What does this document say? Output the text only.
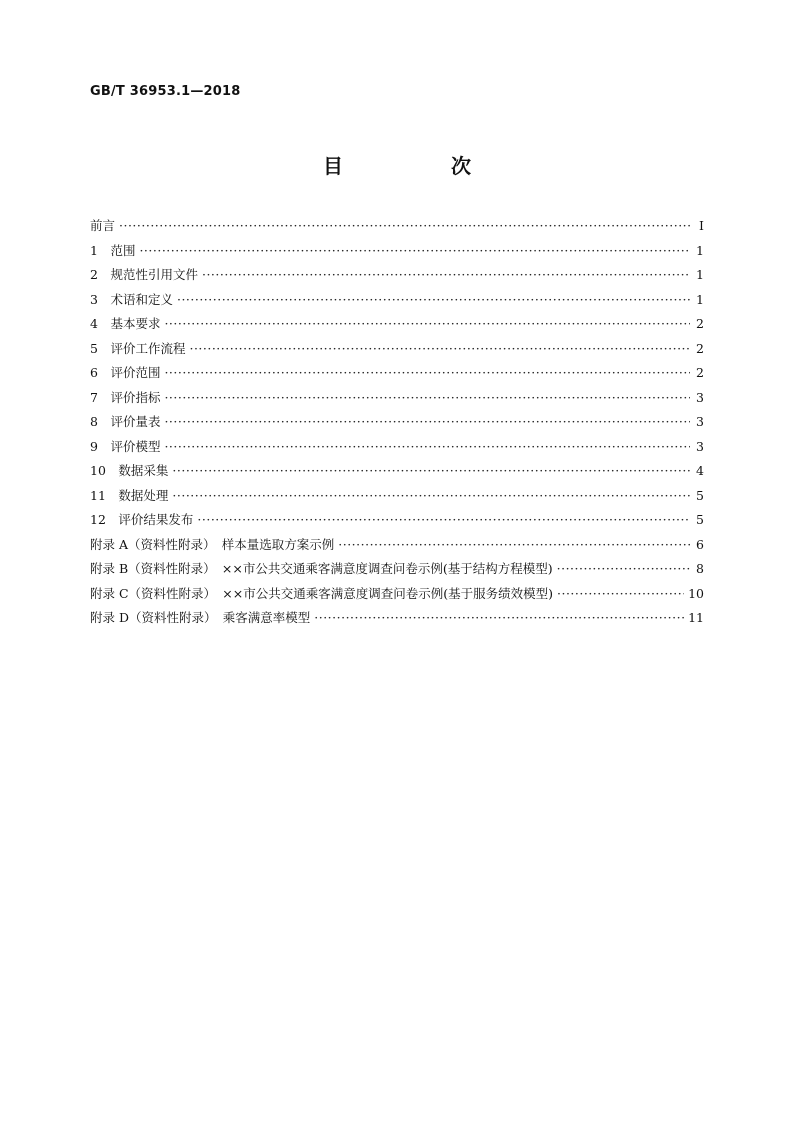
GB/T 36953.1—2018
目　次
前言 ·····	Ⅰ
1　范围 ·····	1
2　规范性引用文件 ·····	1
3　术语和定义 ·····	1
4　基本要求 ·····	2
5　评价工作流程 ·····	2
6　评价范围 ·····	2
7　评价指标 ·····	3
8　评价量表 ·····	3
9　评价模型 ·····	3
10　数据采集 ·····	4
11　数据处理 ·····	5
12　评价结果发布 ·····	5
附录 A（资料性附录）　样本量选取方案示例 ·····	6
附录 B（资料性附录）　××市公共交通乘客满意度调查问卷示例(基于结构方程模型) ·····	8
附录 C（资料性附录）　××市公共交通乘客满意度调查问卷示例(基于服务绩效模型) ·····	10
附录 D（资料性附录）　乘客满意率模型 ·····	11
